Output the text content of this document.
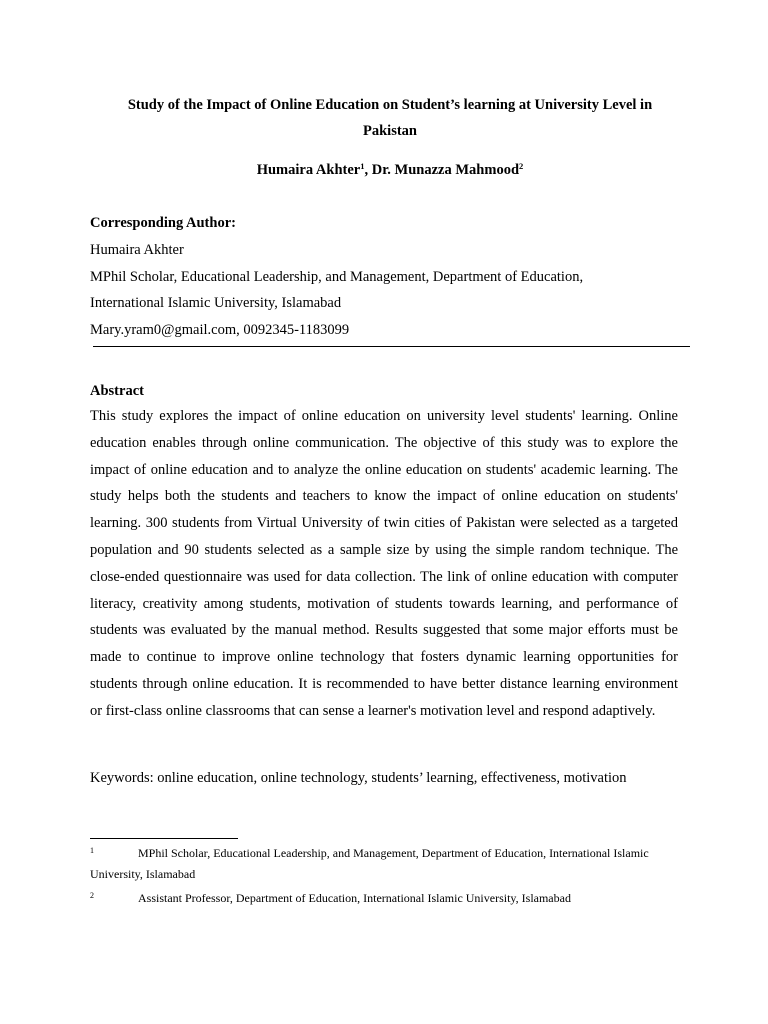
Study of the Impact of Online Education on Student’s learning at University Level in
Pakistan
Humaira Akhter$^1$, Dr. Munazza Mahmood$^2$
Corresponding Author:
Humaira Akhter
MPhil Scholar, Educational Leadership, and Management, Department of Education,
International Islamic University, Islamabad
Mary.yram0@gmail.com, 0092345-1183099
Abstract
This study explores the impact of online education on university level students' learning. Online education enables through online communication. The objective of this study was to explore the impact of online education and to analyze the online education on students' academic learning. The study helps both the students and teachers to know the impact of online education on students' learning. 300 students from Virtual University of twin cities of Pakistan were selected as a targeted population and 90 students selected as a sample size by using the simple random technique. The close-ended questionnaire was used for data collection. The link of online education with computer literacy, creativity among students, motivation of students towards learning, and performance of students was evaluated by the manual method. Results suggested that some major efforts must be made to continue to improve online technology that fosters dynamic learning opportunities for students through online education. It is recommended to have better distance learning environment or first-class online classrooms that can sense a learner's motivation level and respond adaptively.
Keywords: online education, online technology, students’ learning, effectiveness, motivation
1	MPhil Scholar, Educational Leadership, and Management, Department of Education, International Islamic
University, Islamabad
2	Assistant Professor, Department of Education, International Islamic University, Islamabad
